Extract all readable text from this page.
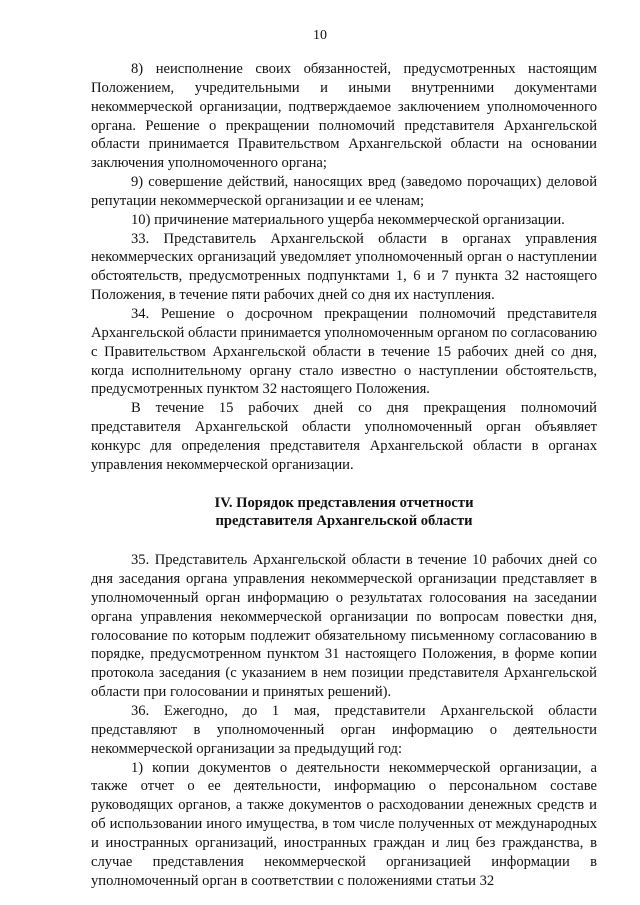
10

8) неисполнение своих обязанностей, предусмотренных настоящим Положением, учредительными и иными внутренними документами некоммерческой организации, подтверждаемое заключением уполномоченного органа. Решение о прекращении полномочий представителя Архангельской области принимается Правительством Архангельской области на основании заключения уполномоченного органа;

9) совершение действий, наносящих вред (заведомо порочащих) деловой репутации некоммерческой организации и ее членам;

10) причинение материального ущерба некоммерческой организации.

33. Представитель Архангельской области в органах управления некоммерческих организаций уведомляет уполномоченный орган о наступлении обстоятельств, предусмотренных подпунктами 1, 6 и 7 пункта 32 настоящего Положения, в течение пяти рабочих дней со дня их наступления.

34. Решение о досрочном прекращении полномочий представителя Архангельской области принимается уполномоченным органом по согласованию с Правительством Архангельской области в течение 15 рабочих дней со дня, когда исполнительному органу стало известно о наступлении обстоятельств, предусмотренных пунктом 32 настоящего Положения.

В течение 15 рабочих дней со дня прекращения полномочий представителя Архангельской области уполномоченный орган объявляет конкурс для определения представителя Архангельской области в органах управления некоммерческой организации.

IV. Порядок представления отчетности
представителя Архангельской области

35. Представитель Архангельской области в течение 10 рабочих дней со дня заседания органа управления некоммерческой организации представляет в уполномоченный орган информацию о результатах голосования на заседании органа управления некоммерческой организации по вопросам повестки дня, голосование по которым подлежит обязательному письменному согласованию в порядке, предусмотренном пунктом 31 настоящего Положения, в форме копии протокола заседания (с указанием в нем позиции представителя Архангельской области при голосовании и принятых решений).

36. Ежегодно, до 1 мая, представители Архангельской области представляют в уполномоченный орган информацию о деятельности некоммерческой организации за предыдущий год:

1) копии документов о деятельности некоммерческой организации, а также отчет о ее деятельности, информацию о персональном составе руководящих органов, а также документов о расходовании денежных средств и об использовании иного имущества, в том числе полученных от международных и иностранных организаций, иностранных граждан и лиц без гражданства, в случае представления некоммерческой организацией информации в уполномоченный орган в соответствии с положениями статьи 32
